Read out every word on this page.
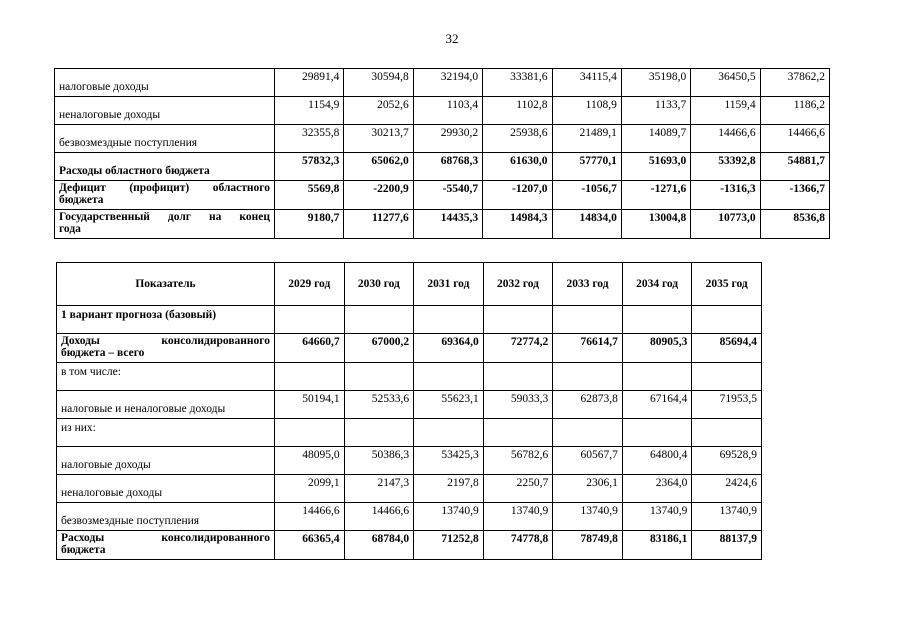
32
налоговые доходы	29891,4	30594,8	32194,0	33381,6	34115,4	35198,0	36450,5	37862,2
неналоговые доходы	1154,9	2052,6	1103,4	1102,8	1108,9	1133,7	1159,4	1186,2
безвозмездные поступления	32355,8	30213,7	29930,2	25938,6	21489,1	14089,7	14466,6	14466,6
Расходы областного бюджета	57832,3	65062,0	68768,3	61630,0	57770,1	51693,0	53392,8	54881,7

Дефицит (профицит) областного
бюджета	5569,8	-2200,9	-5540,7	-1207,0	-1056,7	-1271,6	-1316,3	-1366,7

Государственный долг на конец
года	9180,7	11277,6	14435,3	14984,3	14834,0	13004,8	10773,0	8536,8
Показатель	2029 год	2030 год	2031 год	2032 год	2033 год	2034 год	2035 год
1 вариант прогноза (базовый)							

Доходы консолидированного
бюджета – всего	64660,7	67000,2	69364,0	72774,2	76614,7	80905,3	85694,4
в том числе:							
налоговые и неналоговые доходы	50194,1	52533,6	55623,1	59033,3	62873,8	67164,4	71953,5
из них:							
налоговые доходы	48095,0	50386,3	53425,3	56782,6	60567,7	64800,4	69528,9
неналоговые доходы	2099,1	2147,3	2197,8	2250,7	2306,1	2364,0	2424,6
безвозмездные поступления	14466,6	14466,6	13740,9	13740,9	13740,9	13740,9	13740,9

Расходы консолидированного
бюджета	66365,4	68784,0	71252,8	74778,8	78749,8	83186,1	88137,9
